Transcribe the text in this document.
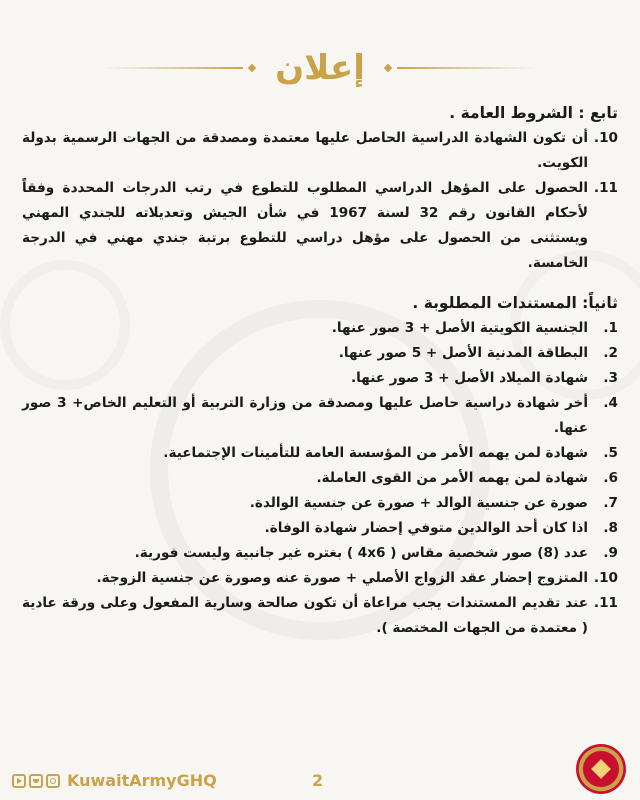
إعلان

تابع : الشروط العامة .

10.
أن تكون الشهادة الدراسية الحاصل عليها معتمدة ومصدقة من الجهات الرسمية بدولة الكويت.
11.
الحصول على المؤهل الدراسي المطلوب للتطوع في رتب الدرجات المحددة وفقاً لأحكام القانون رقم 32 لسنة 1967 في شأن الجيش وتعديلاته للجندي المهني ويستثنى من الحصول على مؤهل دراسي للتطوع برتبة جندي مهني في الدرجة الخامسة.

ثانياً: المستندات المطلوبة .

1.
الجنسية الكويتية الأصل + 3 صور عنها.
2.
البطاقة المدنية الأصل + 5 صور عنها.
3.
شهادة الميلاد الأصل + 3 صور عنها.
4.
أخر شهادة دراسية حاصل عليها ومصدقة من وزارة التربية أو التعليم الخاص+ 3 صور عنها.
5.
شهادة لمن يهمه الأمر من المؤسسة العامة للتأمينات الإجتماعية.
6.
شهادة لمن يهمه الأمر من القوى العاملة.
7.
صورة عن جنسية الوالد + صورة عن جنسية الوالدة.
8.
اذا كان أحد الوالدين متوفي إحضار شهادة الوفاة.
9.
عدد (8) صور شخصية مقاس ( 4x6 ) بغتره غير جانبية وليست فورية.
10.
المتزوج إحضار عقد الزواج الأصلي + صورة عنه وصورة عن جنسية الزوجة.
11.
عند تقديم المستندات يجب مراعاة أن تكون صالحة وسارية المفعول وعلى ورقة عادية ( معتمدة من الجهات المختصة ).
KuwaitArmyGHQ	2
